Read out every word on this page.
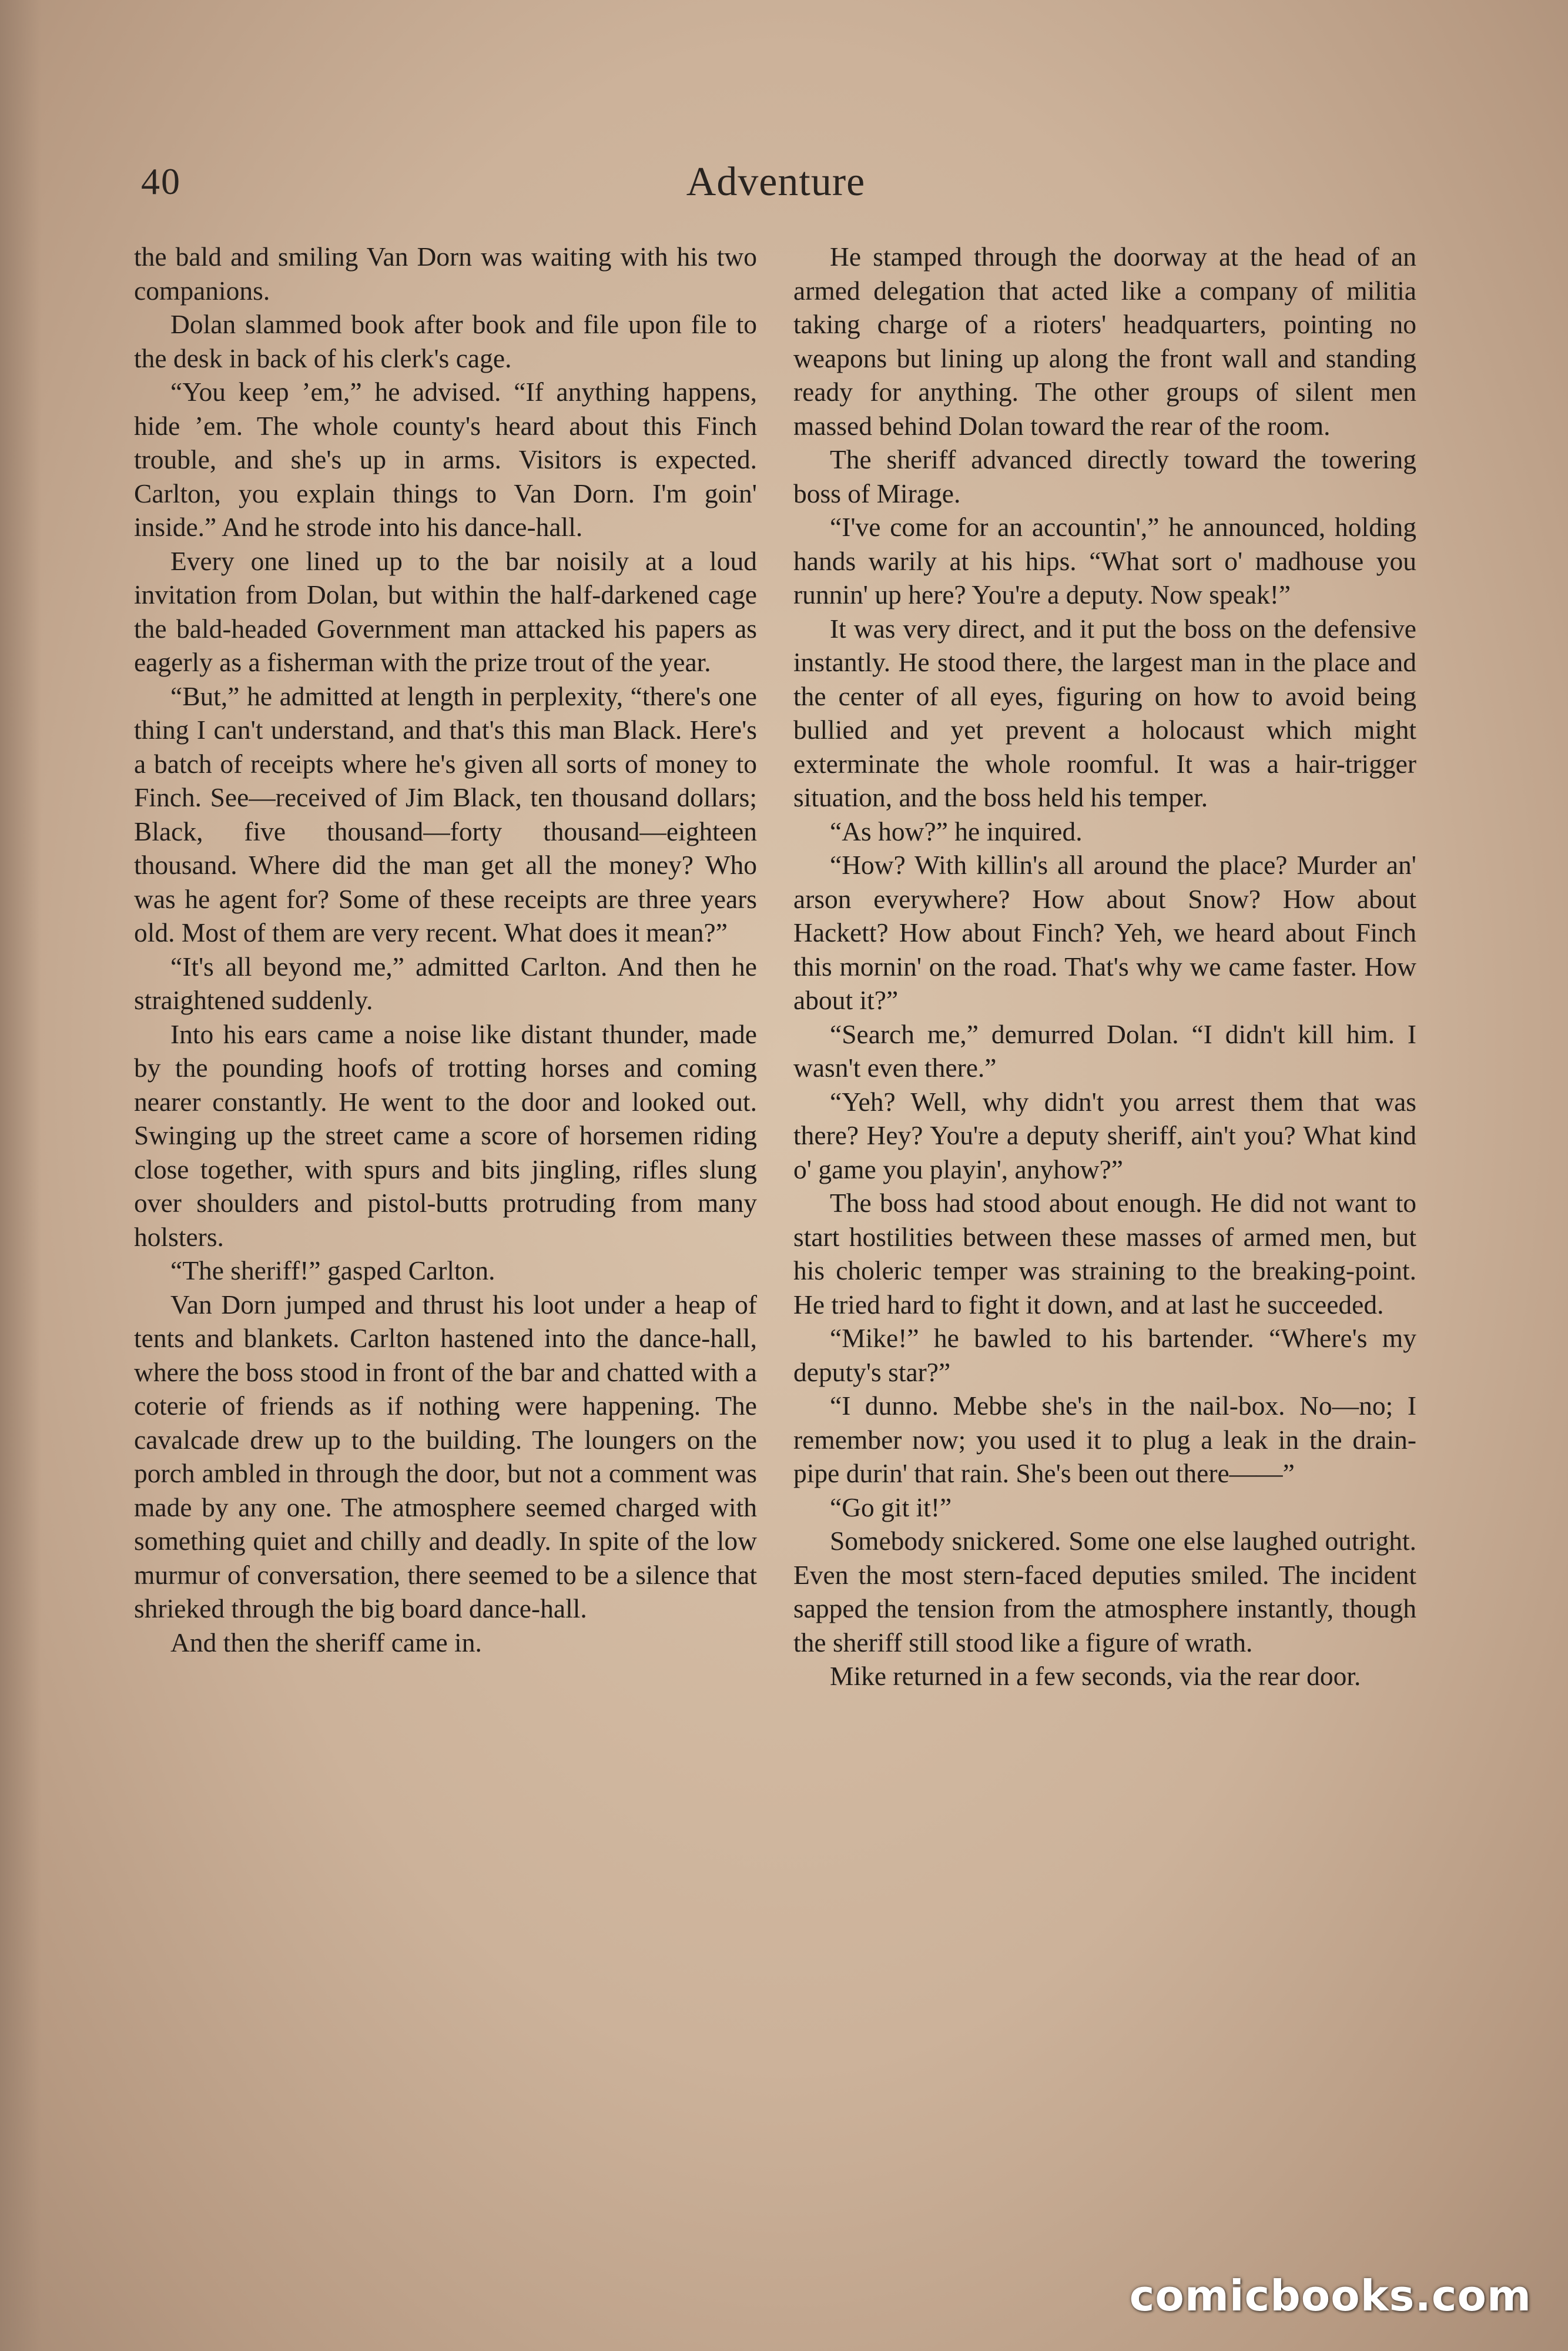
40	Adventure

the bald and smiling Van Dorn was waiting with his two companions.

Dolan slammed book after book and file upon file to the desk in back of his clerk's cage.

“You keep ’em,” he advised. “If anything happens, hide ’em. The whole county's heard about this Finch trouble, and she's up in arms. Visitors is expected. Carlton, you explain things to Van Dorn. I'm goin' inside.” And he strode into his dance-hall.

Every one lined up to the bar noisily at a loud invitation from Dolan, but within the half-darkened cage the bald-headed Government man attacked his papers as eagerly as a fisherman with the prize trout of the year.

“But,” he admitted at length in perplexity, “there's one thing I can't understand, and that's this man Black. Here's a batch of receipts where he's given all sorts of money to Finch. See—received of Jim Black, ten thousand dollars; Black, five thousand—forty thousand—eighteen thousand. Where did the man get all the money? Who was he agent for? Some of these receipts are three years old. Most of them are very recent. What does it mean?”

“It's all beyond me,” admitted Carlton. And then he straightened suddenly.

Into his ears came a noise like distant thunder, made by the pounding hoofs of trotting horses and coming nearer constantly. He went to the door and looked out. Swinging up the street came a score of horsemen riding close together, with spurs and bits jingling, rifles slung over shoulders and pistol-butts protruding from many holsters.

“The sheriff!” gasped Carlton.

Van Dorn jumped and thrust his loot under a heap of tents and blankets. Carlton hastened into the dance-hall, where the boss stood in front of the bar and chatted with a coterie of friends as if nothing were happening. The cavalcade drew up to the building. The loungers on the porch ambled in through the door, but not a comment was made by any one. The atmosphere seemed charged with something quiet and chilly and deadly. In spite of the low murmur of conversation, there seemed to be a silence that shrieked through the big board dance-hall.

And then the sheriff came in.

He stamped through the doorway at the head of an armed delegation that acted like a company of militia taking charge of a rioters' headquarters, pointing no weapons but lining up along the front wall and standing ready for anything. The other groups of silent men massed behind Dolan toward the rear of the room.

The sheriff advanced directly toward the towering boss of Mirage.

“I've come for an accountin',” he announced, holding hands warily at his hips. “What sort o' madhouse you runnin' up here? You're a deputy. Now speak!”

It was very direct, and it put the boss on the defensive instantly. He stood there, the largest man in the place and the center of all eyes, figuring on how to avoid being bullied and yet prevent a holocaust which might exterminate the whole roomful. It was a hair-trigger situation, and the boss held his temper.

“As how?” he inquired.

“How? With killin's all around the place? Murder an' arson everywhere? How about Snow? How about Hackett? How about Finch? Yeh, we heard about Finch this mornin' on the road. That's why we came faster. How about it?”

“Search me,” demurred Dolan. “I didn't kill him. I wasn't even there.”

“Yeh? Well, why didn't you arrest them that was there? Hey? You're a deputy sheriff, ain't you? What kind o' game you playin', anyhow?”

The boss had stood about enough. He did not want to start hostilities between these masses of armed men, but his choleric temper was straining to the breaking-point. He tried hard to fight it down, and at last he succeeded.

“Mike!” he bawled to his bartender. “Where's my deputy's star?”

“I dunno. Mebbe she's in the nail-box. No—no; I remember now; you used it to plug a leak in the drain-pipe durin' that rain. She's been out there——”

“Go git it!”

Somebody snickered. Some one else laughed outright. Even the most stern-faced deputies smiled. The incident sapped the tension from the atmosphere instantly, though the sheriff still stood like a figure of wrath.

Mike returned in a few seconds, via the rear door.

comicbooks.com
